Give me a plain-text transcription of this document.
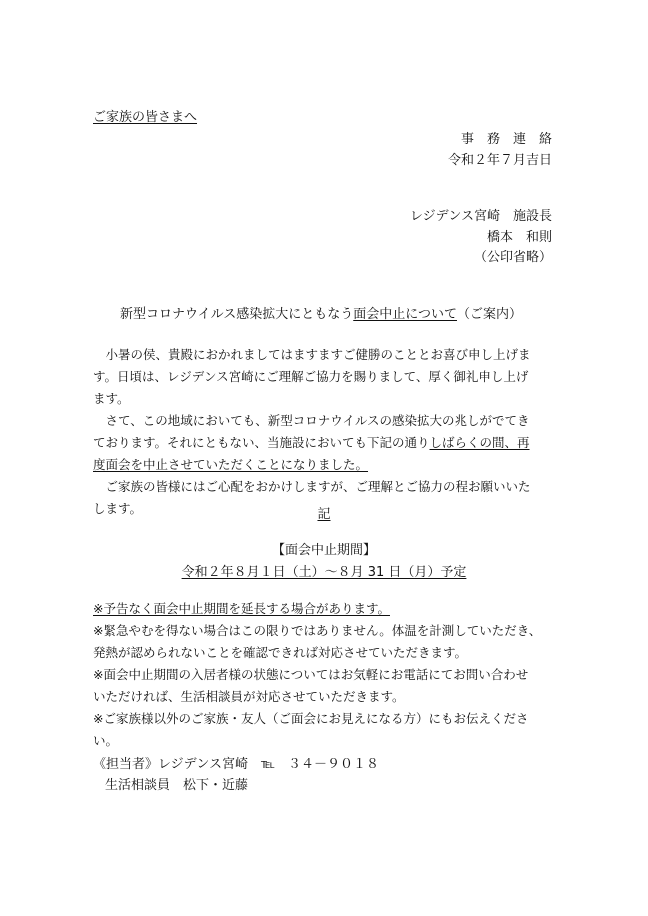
ご家族の皆さまへ
事　務　連　絡
令和２年７月吉日
レジデンス宮崎　施設長
橋本　和則
（公印省略）
新型コロナウイルス感染拡大にともなう面会中止について（ご案内）
　小暑の侯、貴殿におかれましてはますますご健勝のこととお喜び申し上げま
す。日頃は、レジデンス宮崎にご理解ご協力を賜りまして、厚く御礼申し上げ
ます。
　さて、この地域においても、新型コロナウイルスの感染拡大の兆しがでてき
ております。それにともない、当施設においても下記の通りしばらくの間、再
度面会を中止させていただくことになりました。
　ご家族の皆様にはご心配をおかけしますが、ご理解とご協力の程お願いいた
します。	記
【面会中止期間】
令和２年８月１日（土）～８月 31 日（月）予定
※予告なく面会中止期間を延長する場合があります。
※緊急やむを得ない場合はこの限りではありません。体温を計測していただき、
発熱が認められないことを確認できれば対応させていただきます。
※面会中止期間の入居者様の状態についてはお気軽にお電話にてお問い合わせ
いただければ、生活相談員が対応させていただきます。
※ご家族様以外のご家族・友人（ご面会にお見えになる方）にもお伝えくださ
い。
《担当者》レジデンス宮崎　℡　３４－９０１８
生活相談員　松下・近藤
